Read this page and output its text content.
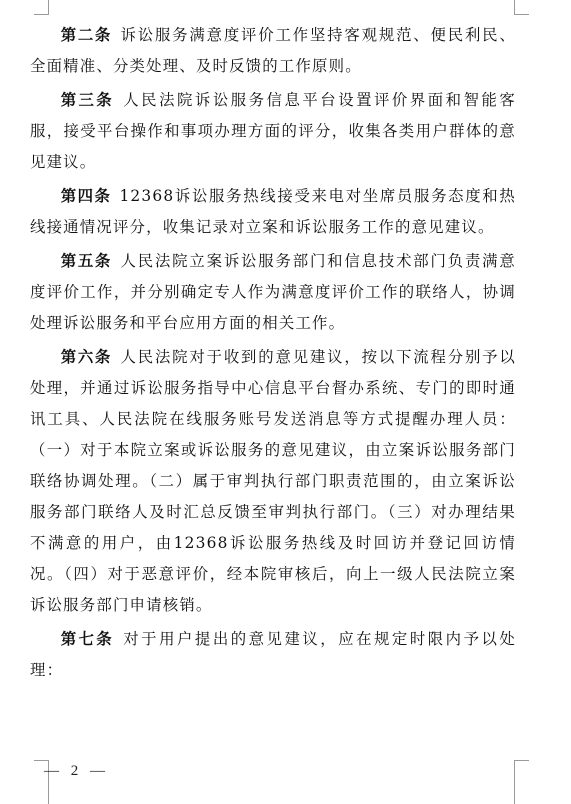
第二条 诉讼服务满意度评价工作坚持客观规范、便民利民、全面精准、分类处理、及时反馈的工作原则。

第三条 人民法院诉讼服务信息平台设置评价界面和智能客服，接受平台操作和事项办理方面的评分，收集各类用户群体的意见建议。

第四条 12368诉讼服务热线接受来电对坐席员服务态度和热线接通情况评分，收集记录对立案和诉讼服务工作的意见建议。

第五条 人民法院立案诉讼服务部门和信息技术部门负责满意度评价工作，并分别确定专人作为满意度评价工作的联络人，协调处理诉讼服务和平台应用方面的相关工作。

第六条 人民法院对于收到的意见建议，按以下流程分别予以处理，并通过诉讼服务指导中心信息平台督办系统、专门的即时通讯工具、人民法院在线服务账号发送消息等方式提醒办理人员：（一）对于本院立案或诉讼服务的意见建议，由立案诉讼服务部门联络协调处理。（二）属于审判执行部门职责范围的，由立案诉讼服务部门联络人及时汇总反馈至审判执行部门。（三）对办理结果不满意的用户，由12368诉讼服务热线及时回访并登记回访情况。（四）对于恶意评价，经本院审核后，向上一级人民法院立案诉讼服务部门申请核销。

第七条 对于用户提出的意见建议，应在规定时限内予以处理：

— 2 —
